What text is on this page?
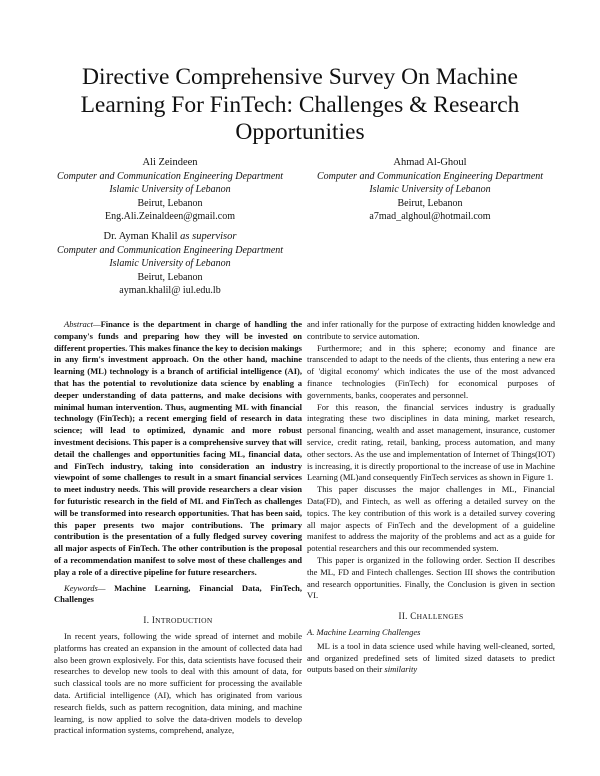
Directive Comprehensive Survey On Machine Learning For FinTech: Challenges & Research Opportunities
Ali Zeindeen
Computer and Communication Engineering Department
Islamic University of Lebanon
Beirut, Lebanon
Eng.Ali.Zeinaldeen@gmail.com
Ahmad Al-Ghoul
Computer and Communication Engineering Department
Islamic University of Lebanon
Beirut, Lebanon
a7mad_alghoul@hotmail.com
Dr. Ayman Khalil as supervisor
Computer and Communication Engineering Department
Islamic University of Lebanon
Beirut, Lebanon
ayman.khalil@ iul.edu.lb

Abstract—Finance is the department in charge of handling the company's funds and preparing how they will be invested on different properties. This makes finance the key to decision makings in any firm's investment approach. On the other hand, machine learning (ML) technology is a branch of artificial intelligence (AI), that has the potential to revolutionize data science by enabling a deeper understanding of data patterns, and make decisions with minimal human intervention. Thus, augmenting ML with financial technology (FinTech); a recent emerging field of research in data science; will lead to optimized, dynamic and more robust investment decisions. This paper is a comprehensive survey that will detail the challenges and opportunities facing ML, financial data, and FinTech industry, taking into consideration an industry viewpoint of some challenges to result in a smart financial services to meet industry needs. This will provide researchers a clear vision for futuristic research in the field of ML and FinTech as challenges will be transformed into research opportunities. That has been said, this paper presents two major contributions. The primary contribution is the presentation of a fully fledged survey covering all major aspects of FinTech. The other contribution is the proposal of a recommendation manifest to solve most of these challenges and play a role of a directive pipeline for future researchers.

Keywords— Machine Learning, Financial Data, FinTech, Challenges

I. INTRODUCTION

In recent years, following the wide spread of internet and mobile platforms has created an expansion in the amount of collected data had also been grown explosively. For this, data scientists have focused their researches to develop new tools to deal with this amount of data, for such classical tools are no more sufficient for processing the available data. Artificial intelligence (AI), which has originated from various research fields, such as pattern recognition, data mining, and machine learning, is now applied to solve the data-driven models to develop practical information systems, comprehend, analyze,

and infer rationally for the purpose of extracting hidden knowledge and contribute to service automation.

Furthermore; and in this sphere; economy and finance are transcended to adapt to the needs of the clients, thus entering a new era of 'digital economy' which indicates the use of the most advanced finance technologies (FinTech) for economical purposes of governments, banks, cooperates and personnel.

For this reason, the financial services industry is gradually integrating these two disciplines in data mining, market research, personal financing, wealth and asset management, insurance, customer service, credit rating, retail, banking, process automation, and many other sectors. As the use and implementation of Internet of Things(IOT) is increasing, it is directly proportional to the increase of use in Machine Learning (ML)and consequently FinTech services as shown in Figure 1.

This paper discusses the major challenges in ML, Financial Data(FD), and Fintech, as well as offering a detailed survey on the topics. The key contribution of this work is a detailed survey covering all major aspects of FinTech and the development of a guideline manifest to address the majority of the problems and act as a guide for potential researchers and this our recommended system.

This paper is organized in the following order. Section II describes the ML, FD and Fintech challenges. Section III shows the contribution and research opportunities. Finally, the Conclusion is given in section VI.

II. CHALLENGES

A. Machine Learning Challenges

ML is a tool in data science used while having well-cleaned, sorted, and organized predefined sets of limited sized datasets to predict outputs based on their similarity
